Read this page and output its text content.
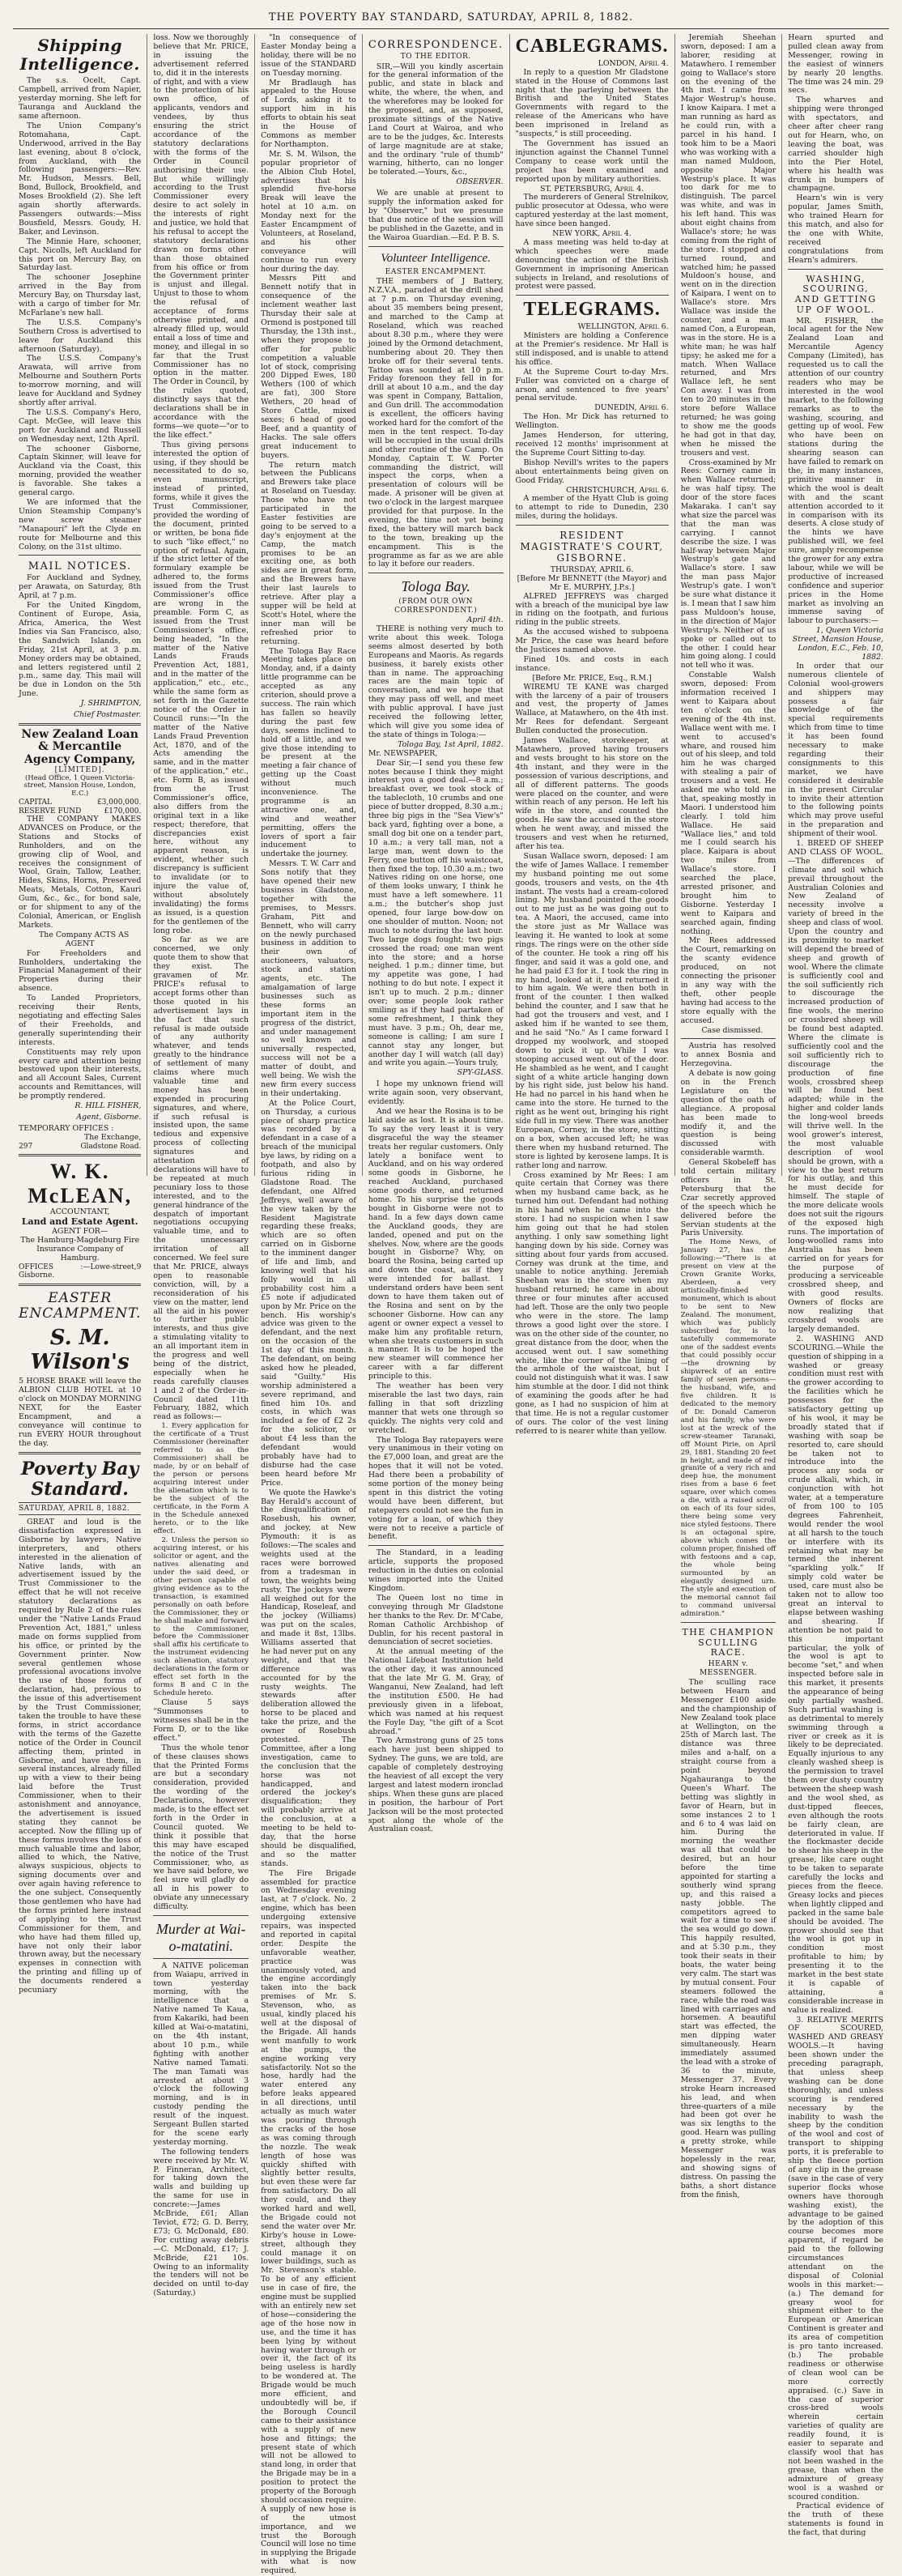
THE POVERTY BAY STANDARD, SATURDAY, APRIL 8, 1882.
Shipping Intelligence.

The s.s. Ocelt, Capt. Campbell, arrived from Napier, yesterday morning. She left for Tauranga and Auckland the same afternoon.

The Union Company's Rotomahana, Capt. Underwood, arrived in the Bay last evening, about 8 o'clock, from Auckland, with the following passengers:—Rev. Mr. Hudson, Messrs. Bell, Bond, Bullock, Brookfield, and Moses Brookfield (2). She left again shortly afterwards. Passengers outwards:—Miss Bousfield, Messrs. Goudy, H. Baker, and Levinson.

The Minnie Hare, schooner, Capt. Nicolls, left Auckland for this port on Mercury Bay, on Saturday last.

The schooner Josephine arrived in the Bay from Mercury Bay, on Thursday last, with a cargo of timber for Mr. McFarlane's new hall.

The U.S.S. Company's Southern Cross is advertised to leave for Auckland this afternoon (Saturday).

The U.S.S. Company's Arawata, will arrive from Melbourne and Southern Ports to-morrow morning, and will leave for Auckland and Sydney shortly after arrival.

The U.S.S. Company's Hero, Capt. McGee, will leave this port for Auckland and Russell on Wednesday next, 12th April.

The schooner Gisborne, Captain Skinner, will leave for Auckland via the Coast, this morning, provided the weather is favorable. She takes a general cargo.

We are informed that the Union Steamship Company's new screw steamer "Manapouri" left the Clyde en route for Melbourne and this Colony, on the 31st ultimo.

MAIL NOTICES.

For Auckland and Sydney, per Arawata, on Saturday, 8th April, at 7 p.m.

For the United Kingdom, Continent of Europe, Asia, Africa, America, the West Indies via San Francisco, also, the Sandwich Islands, on Friday, 21st April, at 3 p.m. Money orders may be obtained, and letters registered until 2 p.m., same day. This mail will be due in London on the 5th June.

J. SHRIMPTON,
Chief Postmaster.
New Zealand Loan & Mercantile Agency Company,
[LIMITED].
(Head Office, 1 Queen Victoria-street, Mansion House, London, E.C.)
CAPITAL	£3,000,000.
RESERVE FUND	£170,000.

THE COMPANY MAKES ADVANCES on Produce, or the Stations and Stocks of Runholders, and on the growing clip of Wool, and receives the consignment of Wool, Grain, Tallow, Leather, Hides, Skins, Horns, Preserved Meats, Metals, Cotton, Kauri Gum, &c., &c., for bond sale, or for shipment to any of the Colonial, American, or English Markets.

The Company ACTS AS AGENT

For Freeholders and Runholders, undertaking the Financial Management of their Properties during their absence.

To Landed Proprietors, receiving their Rents, negotiating and effecting Sales of their Freeholds, and generally superintending their interests.

Constituents may rely upon every care and attention being bestowed upon their interests, and all Account Sales, Current accounts and Remittances, will be promptly rendered.

R. HILL FISHER,
Agent, Gisborne.
TEMPORARY OFFICES :
The Exchange,
297	Gladstone Road.
W. K. McLEAN,
ACCOUNTANT,
Land and Estate Agent.
AGENT FOR—
The Hamburg-Magdeburg Fire Insurance Company of Hamburg.
OFFICES :—Lowe-street, Gisborne.
9
EASTER ENCAMPMENT.
S. M. Wilson's

5 HORSE BRAKE will leave the ALBION CLUB HOTEL at 10 o'clock on MONDAY MORNING NEXT, for the Easter Encampment, and a conveyance will continue to run EVERY HOUR throughout the day.

Poverty Bay Standard.
SATURDAY, APRIL 8, 1882.

GREAT and loud is the dissatisfaction expressed in Gisborne by lawyers, Native interpreters, and others interested in the alienation of Native lands, with an advertisement issued by the Trust Commissioner to the effect that he will not receive statutory declarations as required by Rule 2 of the rules under the "Native Lands Fraud Prevention Act, 1881," unless made on forms supplied from his office, or printed by the Government printer. Now several gentlemen whose professional avocations involve the use of those forms of declaration, had, previous to the issue of this advertisement by the Trust Commissioner, taken the trouble to have these forms, in strict accordance with the terms of the Gazette notice of the Order in Council affecting them, printed in Gisborne, and have them, in several instances, already filled up with a view to their being laid before the Trust Commissioner, when to their astonishment and annoyance, the advertisement is issued stating they cannot be accepted. Now the filling up of these forms involves the loss of much valuable time and labor, allied to which, the Native, always suspicious, objects to signing documents over and over again having reference to the one subject. Consequently those gentlemen who have had the forms printed here instead of applying to the Trust Commissioner for them, and who have had them filled up, have not only their labor thrown away, but the necessary expenses in connection with the printing and filling up of the documents rendered a pecuniary

loss. Now we thoroughly believe that Mr. PRICE, in issuing the advertisement referred to, did it in the interests of right, and with a view to the protection of his own office, of applicants, vendors and vendees, by thus ensuring the strict accordance of the statutory declarations with the forms of the Order in Council authorising their use. But while willingly according to the Trust Commissioner every desire to act solely in the interests of right and justice, we hold that his refusal to accept the statutory declarations drawn on forms other than those obtained from his office or from the Government printer is unjust and illegal. Unjust to those to whom the refusal of acceptance of forms otherwise printed, and already filled up, would entail a loss of time and money, and illegal in so far that the Trust Commissioner has no option in the matter. The Order in Council, by the rules quoted, distinctly says that the declarations shall be in accordance with the forms—we quote—"or to the like effect."

Thus giving persons interested the option of using, if they should be necessitated to do so, even manuscript, instead of printed, forms, while it gives the Trust Commissioner, provided the wording of the document, printed or written, be bona fide to such "like effect," no option of refusal. Again, if the strict letter of the formulary example be adhered to, the forms issued from the Trust Commissioner's office are wrong in the preamble. Form C, as issued from the Trust Commissioner's office, being headed, "In the matter of the Native Lands Frauds Prevention Act, 1881, and in the matter of the application," etc., etc., while the same form as set forth in the Gazette notice of the Order in Council runs:—"In the matter of the Native Lands Fraud Prevention Act, 1870, and of the Acts amending the same, and in the matter of the application," etc., etc. Form B, as issued from the Trust Commissioner's office, also differs from the original text in a like respect; therefore, that discrepancies exist here, without any apparent reason, is evident, whether such discrepancy is sufficient to invalidate (or to injure the value of, without absolutely invalidating) the forms as issued, is a question for the gentlemen of the long robe.

So far as we are concerned, we only quote them to show that they exist. The gravamen of Mr. PRICE's refusal to accept forms other than those quoted in his advertisement lays in the fact that such refusal is made outside of any authority whatever, and tends greatly to the hindrance of settlement of many claims where much valuable time and money has been expended in procuring signatures, and where, if such refusal is insisted upon, the same tedious and expensive process of collecting signatures and attestation of declarations will have to be repeated at much pecuniary loss to those interested, and to the general hindrance of the despatch of important negotiations occupying valuable time, and to the unnecessary irritation of all concerned. We feel sure that Mr. PRICE, always open to reasonable conviction, will, by a reconsideration of his view on the matter, lend all the aid in his power to further public interests, and thus give a stimulating vitality to an all important item in the progress and well being of the district, especially when he reads carefully clauses 1 and 2 of the Order-in-Council dated 11th February, 1882, which read as follows:—

1. Every application for the certificate of a Trust Commissioner (hereinafter referred to as the Commissioner) shall be made, by or on behalf of the person or persons acquiring interest under the alienation which is to be the subject of the certificate, in the Form A in the Schedule annexed hereto, or to the like effect.

2. Unless the person so acquiring interest, or his solicitor or agent, and the natives alienating and under the said deed, or other person capable of giving evidence as to the transaction, is examined personally on oath before the Commissioner, they or he shall make and forward to the Commissioner, before the Commissioner shall affix his certificate to the instrument evidencing such alienation, statutory declarations in the form or effect set forth in the forms B and C in the Schedule hereto.

Clause 5 says "Summonses to witnesses shall be in the Form D, or to the like effect."

Thus the whole tenor of these clauses shows that the Printed Forms are but a secondary consideration, provided the wording of the Declarations, however made, is to the effect set forth in the Order in Council quoted. We think it possible that this may have escaped the notice of the Trust Commissioner, who, as we have said before, we feel sure will gladly do all in his power to obviate any unnecessary difficulty.

Murder at Wai-o-matatini.

A NATIVE policeman from Waiapu, arrived in town yesterday morning, with the intelligence that a Native named Te Kaua, from Kakariki, had been killed at Wai-o-matatini, on the 4th instant, about 10 p.m., while fighting with another Native named Tamati. The man Tamati was arrested at about 3 o'clock the following morning, and is in custody pending the result of the inquest. Sergeant Bullen started for the scene early yesterday morning.

The following tenders were received by Mr. W. P. Finneran, Architect, for taking down the walls and building up the same for use in concrete:—James McBride, £61; Allan Teviot, £72; G. D. Berry, £73; G. McDonald, £80. For cutting away debris—C. McDonald, £17; J. McBride, £21 10s. Owing to an informality the tenders will not be decided on until to-day (Saturday.)

"In consequence of Easter Monday being a holiday, there will be no issue of the STANDARD on Tuesday morning.

Mr Bradlaugh has appealed to the House of Lords, asking it to support him in his efforts to obtain his seat in the House of Commons as member for Northampton.

Mr. S. M. Wilson, the popular proprietor of the Albion Club Hotel, advertises that his splendid five-horse Break will leave the hotel at 10 a.m. on Monday next for the Easter Encampment of Volunteers, at Roseland, and his other conveyance will continue to run every hour during the day.

Messrs Pitt and Bennett notify that in consequence of the inclement weather last Thursday their sale at Ormond is postponed till Thursday, the 13th inst., when they propose to offer for public competition a valuable lot of stock, comprising 200 Dipped Ewes, 180 Wethers (100 of which are fat), 300 Store Wethers, 20 head of Store Cattle, mixed sexes; 6 head of good Beef, and a quantity of Hacks. The sale offers great inducement to buyers.

The return match between the Publicans and Brewers take place at Roseland on Tuesday. Those who have not participated in the Easter festivities are going to be served to a day's enjoyment at the Camp, the match promises to be an exciting one, as both sides are in great form, and the Brewers have their last laurels to retrieve. After play a supper will be held at Scott's Hotel, where the inner man will be refreshed prior to returning.

The Tologa Bay Race Meeting takes place on Monday, and, if a dainty little programme can be accepted as any criterion, should prove a success. The rain which has fallen so heavily during the past few days, seems inclined to hold off a little, and we give those intending to be present at the meeting a fair chance of getting up the Coast without much inconvenience. The programme is an attractive one, and, wind and weather permitting, offers the lovers of sport a fair inducement to undertake the journey.

Messrs. T. W. Carr and Sons notify that they have opened their new business in Gladstone, together with the premises, to Messrs. Graham, Pitt and Bennett, who will carry on the newly purchased business in addition to their own of auctioneers, valuators, stock and station agents, etc. The amalgamation of large businesses such as these forms an important item in the progress of the district, and under management so well known and universally respected, success will not be a matter of doubt, and well being. We wish the new firm every success in their undertaking.

At the Police Court, on Thursday, a curious piece of sharp practice was recorded by a defendant in a case of a breach of the municipal bye laws, by riding on a footpath, and also by furious riding in Gladstone Road. The defendant, one Alfred Jeffreys, well aware of the view taken by the Resident Magistrate regarding these freaks, which are so often carried on in Gisborne to the imminent danger of life and limb, and knowing well that his folly would in all probability cost him a £5 note if adjudicated upon by Mr. Price on the bench. His worship's advice was given to the defendant, and the next on the occasion of the 1st day of this month. The defendant, on being asked how he pleaded, said "Guilty." His worship administered a severe reprimand, and fined him 10s. and costs, in which was included a fee of £2 2s for the solicitor, or about £4 less than the defendant would probably have had to disburse had the case been heard before Mr Price.

We quote the Hawke's Bay Herald's account of the disqualification of Rosebush, his owner, and jockey, at New Plymouth: it is as follows:—The scales and weights used at the races were borrowed from a tradesman in town, the weights being rusty. The jockeys were all weighed out for the Handicap, Roseleaf, and the jockey (Williams) was put on the scales, and made it 8st, 13lbs. Williams asserted that he had never put on any weight, and that the difference was accounted for by the rusty weights. The stewards after deliberation allowed the horse to be placed and take the prize, and the owner of Rosebush protested. The Committee, after a long investigation, came to the conclusion that the horse was not handicapped, and ordered the jockey's disqualification; they will probably arrive at the conclusion, at a meeting to be held to-day, that the horse should be disqualified, and so the matter stands.

The Fire Brigade assembled for practice on Wednesday evening last, at 7 o'clock. No. 2 engine, which has been undergoing extensive repairs, was inspected and reported in capital order. Despite the unfavorable weather, practice was unanimously voted, and the engine accordingly taken into the back premises of Mr. S. Stevenson, who, as usual, kindly placed his well at the disposal of the Brigade. All hands went manfully to work at the pumps, the engine working very satisfactorily. Not so the hose, hardly had the water entered any before leaks appeared in all directions, until actually as much water was pouring through the cracks of the hose as was coming through the nozzle. The weak length of hose was quickly shifted with slightly better results, but even these were far from satisfactory. Do all they could, and they worked hard and well, the Brigade could not send the water over Mr. Kirby's house in Lowe-street, although they could manage it on lower buildings, such as Mr. Stevenson's stable. To be of any efficient use in case of fire, the engine must be supplied with an entirely new set of hose—considering the age of the hose now in use, and the time it has been lying by without having water through or over it, the fact of its being useless is hardly to be wondered at. The Brigade would be much more efficient, and undoubtedly will be, if the Borough Council came to their assistance with a supply of new hose and fittings; the present state of which will not be allowed to stand long, in order that the Brigade may be in a position to protect the property of the Borough should occasion require. A supply of new hose is of the utmost importance, and we trust the Borough Council will lose no time in supplying the Brigade with what is now required.

CORRESPONDENCE.
TO THE EDITOR.

SIR,—Will you kindly ascertain for the general information of the public, and state in black and white, the where, the when, and the wherefores may be looked for the proposed, and, as supposed, proximate sittings of the Native Land Court at Wairoa, and who are to be the judges, &c. Interests of large magnitude are at stake, and the ordinary "rule of thumb" warning, hitherto, can no longer be tolerated.—Yours, &c.,

OBSERVER.

We are unable at present to supply the information asked for by "Observer," but we presume that due notice of the session will be published in the Gazette, and in the Wairoa Guardian.—Ed. P. B. S.

Volunteer Intelligence.
EASTER ENCAMPMENT.

THE members of J Battery, N.Z.V.A., paraded at the drill shed at 7 p.m. on Thursday evening, about 35 members being present, and marched to the Camp at Roseland, which was reached about 8.30 p.m., where they were joined by the Ormond detachment, numbering about 20. They then broke off for their several tents. Tattoo was sounded at 10 p.m. Friday forenoon they fell in for drill at about 10 a.m., and the day was spent in Company, Battalion, and Gun drill. The accommodation is excellent, the officers having worked hard for the comfort of the men in the tent respect. To-day will be occupied in the usual drills and other routine of the Camp. On Monday, Captain T. W. Porter commanding the district, will inspect the corps, when a presentation of colours will be made. A prisoner will be given at two o'clock in the largest marquee provided for that purpose. In the evening, the time not yet being fixed, the battery will march back to the town, breaking up the encampment. This is the programme as far as we are able to lay it before our readers.

Tologa Bay.
(FROM OUR OWN CORRESPONDENT.)
April 4th.

THERE is nothing very much to write about this week. Tologa seems almost deserted by both Europeans and Maoris. As regards business, it barely exists other than in name. The approaching races are the main topic of conversation, and we hope that they may pass off well, and meet with public approval. I have just received the following letter, which will give you some idea of the state of things in Tologa:—

Tologa Bay, 1st April, 1882.

Mr. NEWSPAPER,

Dear Sir,—I send you these few notes because I think they might interest you a good deal.—8 a.m.; breakfast over, we took stock of the tablecloth, 10 crumbs and one piece of butter dropped, 8.30 a.m.; three big pigs in the "Sea View's" back yard, fighting over a bone, a small dog bit one on a tender part, 10 a.m.; a very tall man, not a large man, went down to the Ferry, one button off his waistcoat, then fixed the top. 10.30 a.m.; two Natives riding on one horse, one of them looks unwary, I think he must have a left somewhere. 11 a.m.; the butcher's shop just opened, four large bow-dow on one shoulder of mutton. Noon; not much to note during the last hour. Two large dogs fought; two pigs crossed the road; one man went into the store; and a horse neighed. 1 p.m.; dinner time, but my appetite was gone, I had nothing to do but note. I expect it isn't up to much. 2 p.m.; dinner over; some people look rather smiling as if they had partaken of some refreshment, I think they must have. 3 p.m.; Oh, dear me, someone is calling; I am sure I cannot stay any longer, but another day I will watch (all day) and write you again.—Yours truly,

SPY-GLASS.

I hope my unknown friend will write again soon, very observant, evidently.

And we hear the Rosina is to be laid aside as lost. It is about time. To say the very least it is very disgraceful the way the steamer treats her regular customers. Only lately a boniface went to Auckland, and on his way ordered some goods in Gisborne, he reached Auckland, purchased some goods there, and returned home. To his surprise the goods bought in Gisborne were not to hand. In a few days down came the Auckland goods, they are landed, opened and put on the shelves. Now, where are the goods bought in Gisborne? Why, on board the Rosina, being carted up and down the coast, as if they were intended for ballast. I understand orders have been sent down to have them taken out of the Rosina and sent on by the schooner Gisborne. How can any agent or owner expect a vessel to make him any profitable return, when she treats customers in such a manner. It is to be hoped the new steamer will commence her career with a far different principle to this.

The weather has been very miserable the last two days, rain falling in that soft drizzling manner that wets one through so quickly. The nights very cold and wretched.

The Tologa Bay ratepayers were very unanimous in their voting on the £7,000 loan, and great are the hopes that it will not be voted. Had there been a probability of some portion of the money being spent in this district the voting would have been different, but ratepayers could not see the fun in voting for a loan, of which they were not to receive a particle of benefit.

The Standard, in a leading article, supports the proposed reduction in the duties on colonial wines imported into the United Kingdom.

The Queen lost no time in conveying through Mr Gladstone her thanks to the Rev. Dr. M'Cabe, Roman Catholic Archbishop of Dublin, for his recent pastoral in denunciation of secret societies.

At the annual meeting of the National Lifeboat Institution held the other day, it was announced that the late Mr G. M. Gray, of Wanganui, New Zealand, had left the institution £500. He had previously given in a lifeboat, which was named at his request the Foyle Day, "the gift of a Scot abroad."

Two Armstrong guns of 25 tons each have just been shipped to Sydney. The guns, we are told, are capable of completely destroying the heaviest of all except the very largest and latest modern ironclad ships. When these guns are placed in position, the harbour of Port Jackson will be the most protected spot along the whole of the Australian coast.

CABLEGRAMS.
LONDON, April 4.

In reply to a question Mr Gladstone stated in the House of Commons last night that the parleying between the British and the United States Governments with regard to the release of the Americans who have been imprisoned in Ireland as "suspects," is still proceeding.

The Government has issued an injunction against the Channel Tunnel Company to cease work until the project has been examined and reported upon by military authorities.

ST. PETERSBURG, April 4.

The murderers of General Strelnikov, public prosecutor at Odessa, who were captured yesterday at the last moment, have since been hanged.

NEW YORK, April 4.

A mass meeting was held to-day at which speeches were made denouncing the action of the British Government in imprisoning American subjects in Ireland, and resolutions of protest were passed.

TELEGRAMS.
WELLINGTON, April 6.

Ministers are holding a Conference at the Premier's residence. Mr Hall is still indisposed, and is unable to attend his office.

At the Supreme Court to-day Mrs. Fuller was convicted on a charge of arson, and sentenced to five years' penal servitude.

DUNEDIN, April 6.

The Hon. Mr Dick has returned to Wellington.

James Henderson, for uttering, received 12 months' imprisonment at the Supreme Court Sitting to-day.

Bishop Nevill's writes to the papers about entertainments being given on Good Friday.

CHRISTCHURCH, April 6.

A member of the Hyatt Club is going to attempt to ride to Dunedin, 230 miles, during the holidays.

RESIDENT MAGISTRATE'S COURT, GISBORNE.
THURSDAY, APRIL 6.
[Before Mr BENNETT (the Mayor) and Mr E. MURPHY, J.P.s.]

ALFRED JEFFREYS was charged with a breach of the municipal bye law in riding on the footpath, and furious riding in the public streets.

As the accused wished to subpoena Mr Price, the case was heard before the Justices named above.

Fined 10s. and costs in each instance.

[Before Mr. PRICE, Esq., R.M.]

WIREMU TE KANE was charged with the larceny of a pair of trousers and vest, the property of James Wallace, at Matawhero, on the 4th inst. Mr Rees for defendant. Sergeant Bullen conducted the prosecution.

James Wallace, storekeeper, at Matawhero, proved having trousers and vests brought to his store on the 4th instant, and they were in the possession of various descriptions, and all of different patterns. The goods were placed on the counter, and were within reach of any person. He left his wife in the store, and counted the goods. He saw the accused in the store when he went away, and missed the trousers and vest when he returned, after his tea.

Susan Wallace sworn, deposed: I am the wife of James Wallace. I remember my husband pointing me out some goods, trousers and vests, on the 4th instant. The vests had a cream-colored lining. My husband pointed the goods out to me just as he was going out to tea. A Maori, the accused, came into the store just as Mr Wallace was leaving it. He wanted to look at some rings. The rings were on the other side of the counter. He took a ring off his finger, and said it was a gold one, and he had paid £3 for it. I took the ring in my hand, looked at it, and returned it to him again. We were then both in front of the counter. I then walked behind the counter, and I saw that he had got the trousers and vest, and I asked him if he wanted to see them, and he said "No." As I came forward I dropped my woolwork, and stooped down to pick it up. While I was stooping accused went out of the door. He shambled as he went, and I caught sight of a white article hanging down by his right side, just below his hand. He had no parcel in his hand when he came into the store. He turned to the right as he went out, bringing his right side full in my view. There was another European, Corney, in the store, sitting on a box, when accused left; he was there when my husband returned. The store is lighted by kerosene lamps. It is rather long and narrow.

Cross examined by Mr Rees: I am quite certain that Corney was there when my husband came back, as he turned him out. Defendant had nothing in his hand when he came into the store. I had no suspicion when I saw him going out that he had stolen anything. I only saw something light hanging down by his side. Corney was sitting about four yards from accused. Corney was drunk at the time, and unable to notice anything. Jeremiah Sheehan was in the store when my husband returned; he came in about three or four minutes after accused had left. Those are the only two people who were in the store. The lamp throws a good light over the store. I was on the other side of the counter, no great distance from the door, when the accused went out. I saw something white, like the corner of the lining of the armhole of the waistcoat, but I could not distinguish what it was. I saw him stumble at the door. I did not think of examining the goods after he had gone, as I had no suspicion of him at that time. He is not a regular customer of ours. The color of the vest lining referred to is nearer white than yellow.

Jeremiah Sheehan sworn, deposed: I am a laborer, residing at Matawhero. I remember going to Wallace's store on the evening of the 4th inst. I came from Major Westrup's house. I know Kaipara. I met a man running as hard as he could run, with a parcel in his hand. I took him to be a Maori who was working with a man named Muldoon, opposite Major Westrup's place. It was too dark for me to distinguish. The parcel was white, and was in his left hand. This was about eight chains from Wallace's store; he was coming from the right of the store. I stopped and turned round, and watched him; he passed Muldoon's house, and went on in the direction of Kaipara. I went on to Wallace's store. Mrs Wallace was inside the counter, and a man named Con, a European, was in the store. He is a white man; he was half tipsy; he asked me for a match. When Wallace returned, and Mrs Wallace left, he sent Con away. I was from ten to 20 minutes in the store before Wallace returned; he was going to show me the goods he had got in that day, when he missed the trousers and vest.

Cross-examined by Mr Rees: Corney came in when Wallace returned; he was half tipsy. The door of the store faces Makaraka. I can't say what size the parcel was that the man was carrying. I cannot describe the size. I was half-way between Major Westrup's gate and Wallace's store. I saw the man pass Major Westrup's gate. I won't be sure what distance it is. I mean that I saw him pass Muldoon's house, in the direction of Major Westrup's. Neither of us spoke or called out to the other. I could hear him going along. I could not tell who it was.

Constable Walsh sworn, deposed: From information received I went to Kaipara about ten o'clock on the evening of the 4th inst. Wallace went with me. I went to accused's whare, and roused him out of his sleep, and told him he was charged with stealing a pair of trousers and a vest. He asked me who told me that, speaking mostly in Maori. I understood him clearly. I told him Wallace. He said "Wallace lies," and told me I could search his place. Kaipara is about two miles from Wallace's store. I searched the place, arrested prisoner, and brought him to Gisborne. Yesterday I went to Kaipara and searched again, finding nothing.

Mr Rees addressed the Court, remarking on the scanty evidence produced, on not connecting the prisoner in any way with the theft, other people having had access to the store equally with the accused.

Case dismissed.

Austria has resolved to annex Bosnia and Herzegovina.

A debate is now going on in the French Legislature on the question of the oath of allegiance. A proposal has been made to modify it, and the question is being discussed with considerable warmth.

General Skobeleff has told certain military officers in St. Petersburg that the Czar secretly approved of the speech which he delivered before the Servian students at the Paris University.

The Home News, of January 27, has the following:—"There is at present on view at the Crown Granite Works, Aberdeen, a very artistically-finished monument, which is about to be sent to New Zealand. The monument, which was publicly subscribed for, is to tastefully commemorate one of the saddest events that could possibly occur—the drowning by shipwreck of an entire family of seven persons—the husband, wife, and five children. It is dedicated to the memory of Dr. Donald Cameron and his family, who were lost at the wreck of the screw-steamer Taranaki, off Mount Pirie, on April 29, 1881. Standing 20 feet in height, and made of red granite of a very rich and deep hue, the monument rises from a base 6 feet square, over which comes a die, with a raised scroll on each of its four sides, there being some very nice styled festoons. There is an octagonal spire, above which comes the column proper, finished off with festoons and a cap, the whole being surmounted by an elegantly designed urn. The style and execution of the memorial cannot fail to command universal admiration."

THE CHAMPION SCULLING RACE.
HEARN v. MESSENGER.

The sculling race between Hearn and Messenger £100 aside and the championship of New Zealand took place at Wellington, on the 25th of March last. The distance was three miles and a-half, on a straight course from a point beyond Ngahauranga to the Queen's Wharf. The betting was slightly in favor of Hearn, but in some instances 2 to 1 and 6 to 4 was laid on him. During the morning the weather was all that could be desired, but an hour before the time appointed for starting a southerly wind sprang up, and this raised a nasty jobble. The competitors agreed to wait for a time to see if the sea would go down. This happily resulted, and at 5.30 p.m., they took their seats in their boats, the water being very calm. The start was by mutual consent. Four steamers followed the race, while the road was lined with carriages and horsemen. A beautiful start was effected, the men dipping water simultaneously. Hearn immediately assumed the lead with a stroke of 36 to the minute, Messenger 37. Every stroke Hearn increased his lead, and when three-quarters of a mile had been got over he was six lengths to the good. Hearn was pulling a pretty stroke, while Messenger was hopelessly in the rear, and showing signs of distress. On passing the baths, a short distance from the finish,

Hearn spurted and pulled clean away from Messenger, rowing in the easiest of winners by nearly 20 lengths. The time was 24 min. 29 secs.

The wharves and shipping were thronged with spectators, and cheer after cheer rang out for Hearn, who, on leaving the boat, was carried shoulder high into the Pier Hotel, where his health was drunk in bumpers of champagne.

Hearn's win is very popular, James Smith, who trained Hearn for this match, and also for the one with White, received congratulations from Hearn's admirers.

WASHING, SCOURING, AND GETTING UP OF WOOL.

MR. FISHER, the local agent for the New Zealand Loan and Mercantile Agency Company (Limited), has requested us to call the attention of our country readers who may be interested in the wool market, to the following remarks as to the washing, scouring, and getting up of wool. Few who have been on stations during the shearing season can have failed to remark on the, in many instances, primitive manner in which the wool is dealt with and the scant attention accorded to it in comparison with its deserts. A close study of the hints we have published will, we feel sure, amply recompense the grower for any extra labour, while we will be productive of increased confidence and superior prices in the Home market as involving an immense saving of labour to purchasers:—

1, Queen Victoria Street, Mansion House, London, E.C., Feb. 10, 1882.

In order that our numerous clientele of Colonial wool-growers and shippers may possess a fair knowledge of the special requirements which from time to time it has been found necessary to make regarding their consignments to this market, we have considered it desirable in the present Circular to invite their attention to the following points which may prove useful in the preparation and shipment of their wool.

1. BREED OF SHEEP AND CLASS OF WOOL.—The differences of climate and soil which prevail throughout the Australian Colonies and New Zealand of necessity involve a variety of breed in the sheep and class of wool. Upon the country and its proximity to market will depend the breed of sheep and growth of wool. Where the climate is sufficiently cool and the soil sufficiently rich to discourage the increased production of fine wools, the merino or crossbred sheep will be found best adapted. Where the climate is sufficiently cool and the soil sufficiently rich to discourage the production of fine wools, crossbred sheep will be found best adapted; while in the higher and colder lands the long-wool breeds will thrive well. In the wool grower's interest, the most valuable description of wool should be grown, with a view to the best return for his outlay, and this he must decide for himself. The staple of the more delicate wools does not suit the rigours of the exposed high runs. The importation of long-woolled rams into Australia has been carried on for years for the purpose of producing a serviceable crossbred sheep, and with good results. Owners of flocks are now realizing that crossbred wools are largely demanded.

2. WASHING AND SCOURING.—While the question of shipping in a washed or greasy condition must rest with the grower according to the facilities which he possesses for the satisfactory getting up of his wool, it may be broadly stated that if washing with soap be resorted to, care should be taken not to introduce into the process any soda or crude alkali, which, in conjunction with hot water, at a temperature of from 100 to 105 degrees Fahrenheit, would render the wool at all harsh to the touch or interfere with its retaining what may be termed the inherent "sparkling yolk." If simply cold water be used, care must also be taken not to allow too great an interval to elapse between washing and shearing. If attention be not paid to this important particular, the yolk of the wool is apt to become "set," and when inspected before sale in this market, it presents the appearance of being only partially washed. Such partial washing is as detrimental to merely swimming through a river or creek as it is likely to be depreciated. Equally injurious to any cleanly washed sheep is the permission to travel them over dusty country between the sheep wash and the wool shed, as dust-tipped fleeces, even although the roots be fairly clean, are deteriorated in value. If the flockmaster decide to shear his sheep in the grease, like care ought to be taken to separate carefully the locks and pieces from the fleece. Greasy locks and pieces when lightly clipped and packed in the same bale should be avoided. The grower should see that the wool is got up in condition most profitable to him; by presenting it to the market in the best state it is capable of attaining, a considerable increase in value is realized.

3. RELATIVE MERITS OF SCOURED, WASHED AND GREASY WOOLS.—It having been shown under the preceding paragraph, that unless sheep washing can be done thoroughly, and unless scouring is rendered necessary by the inability to wash the sheep by the condition of the wool and cost of transport to shipping ports, it is preferable to ship the fleece portion of any clip in the grease (save in the case of very superior flocks whose owners have thorough washing exist), the advantage to be gained by the adoption of this course becomes more apparent, if regard be paid to the following circumstances attendant on the disposal of Colonial wools in this market:—(a.) The demand for greasy wool for shipment either to the European or American Continent is greater and its area of competition is pro tanto increased. (b.) The probable readiness or otherwise of clean wool can be more correctly appraised. (c.) Save in the case of superior cross-bred wools wherein certain varieties of quality are readily found, it is easier to separate and classify wool that has not been washed in the grease, than when the admixture of greasy wool is a washed or scoured condition.

Practical evidence of the truth of these statements is found in the fact, that during
